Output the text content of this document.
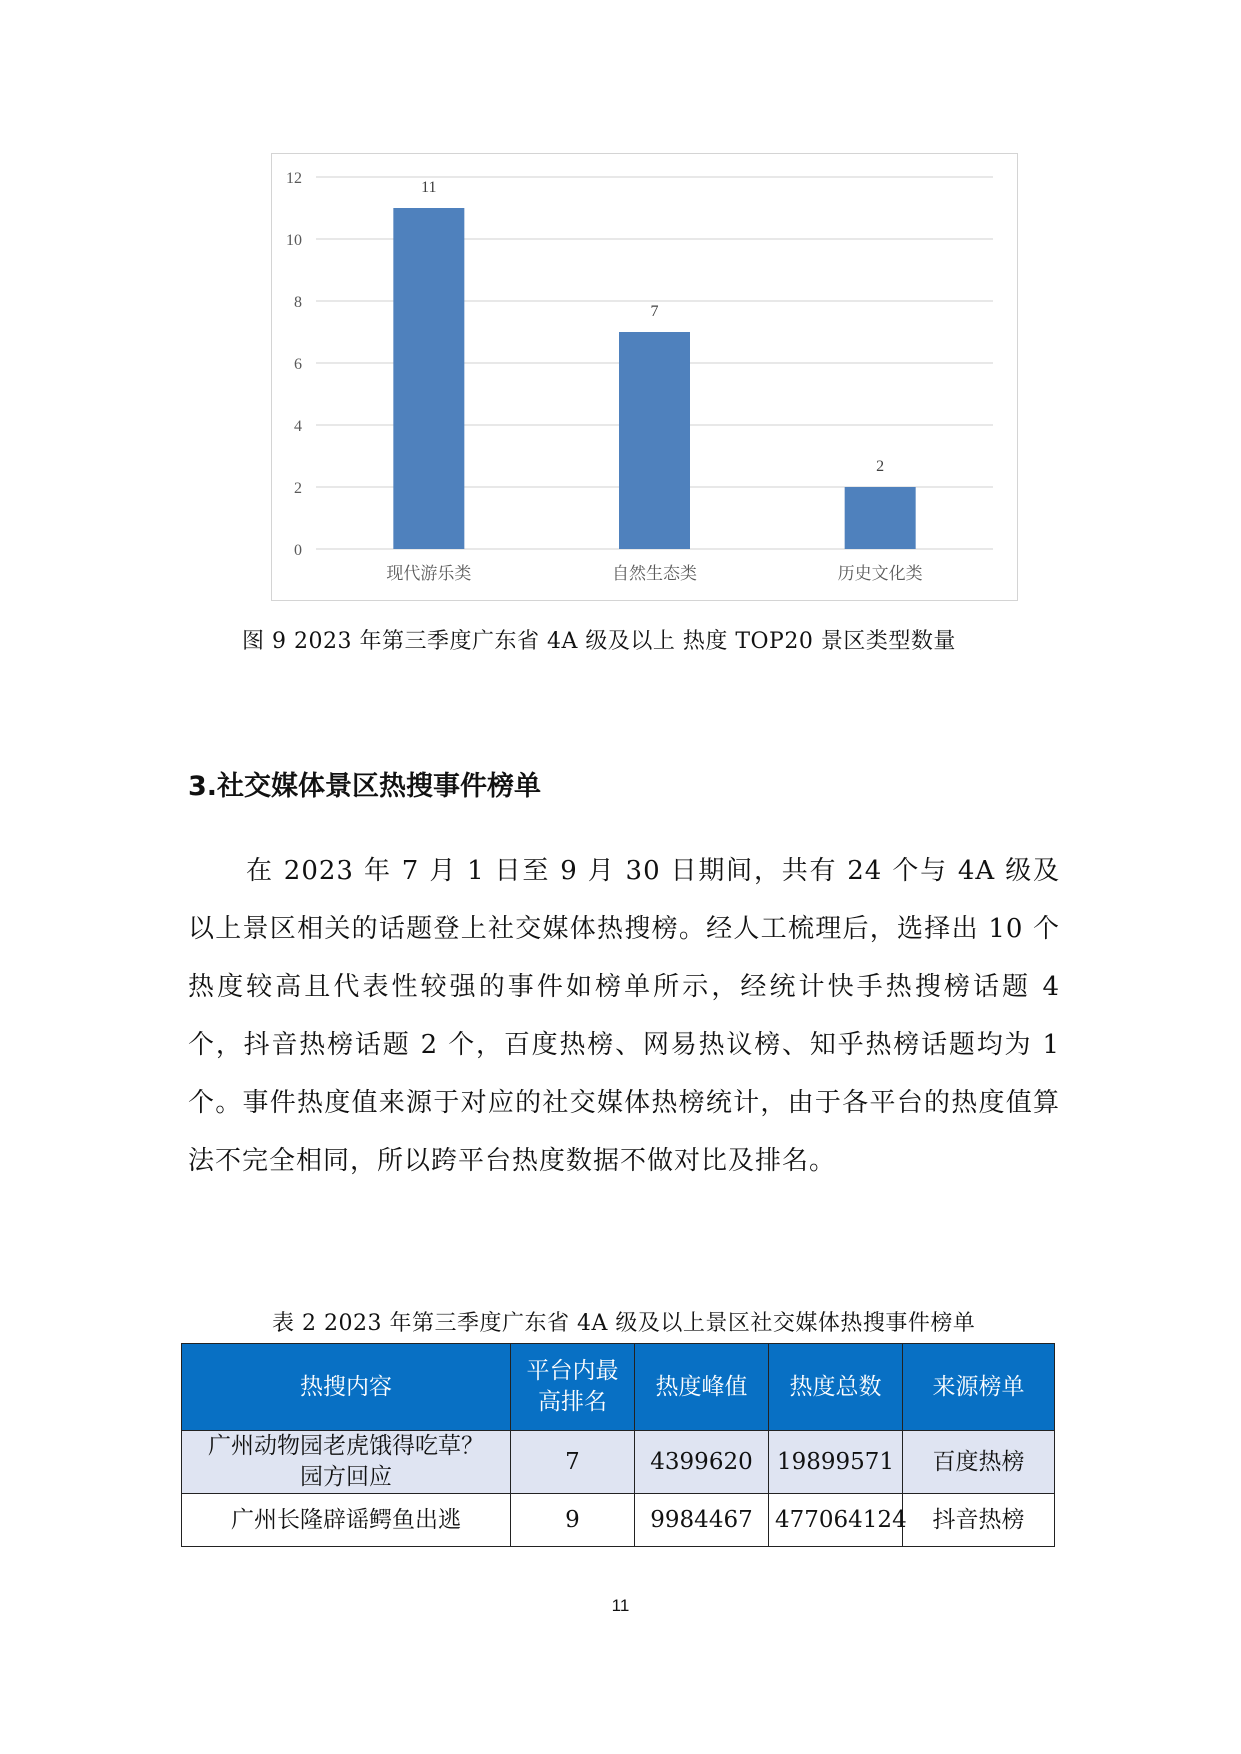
0
2
4
6
8
10
12
11
现代游乐类
7
自然生态类
2
历史文化类
图 9 2023 年第三季度广东省 4A 级及以上 热度 TOP20 景区类型数量
3.社交媒体景区热搜事件榜单

在 2023 年 7 月 1 日至 9 月 30 日期间，共有 24 个与 4A 级及以上景区相关的话题登上社交媒体热搜榜。经人工梳理后，选择出 10 个热度较高且代表性较强的事件如榜单所示，经统计快手热搜榜话题 4 个，抖音热榜话题 2 个，百度热榜、网易热议榜、知乎热榜话题均为 1 个。事件热度值来源于对应的社交媒体热榜统计，由于各平台的热度值算法不完全相同，所以跨平台热度数据不做对比及排名。

表 2 2023 年第三季度广东省 4A 级及以上景区社交媒体热搜事件榜单
热搜内容	平台内最高排名	热度峰值	热度总数	来源榜单
广州动物园老虎饿得吃草？园方回应	7	4399620	19899571	百度热榜
广州长隆辟谣鳄鱼出逃	9	9984467	477064124	抖音热榜
11
